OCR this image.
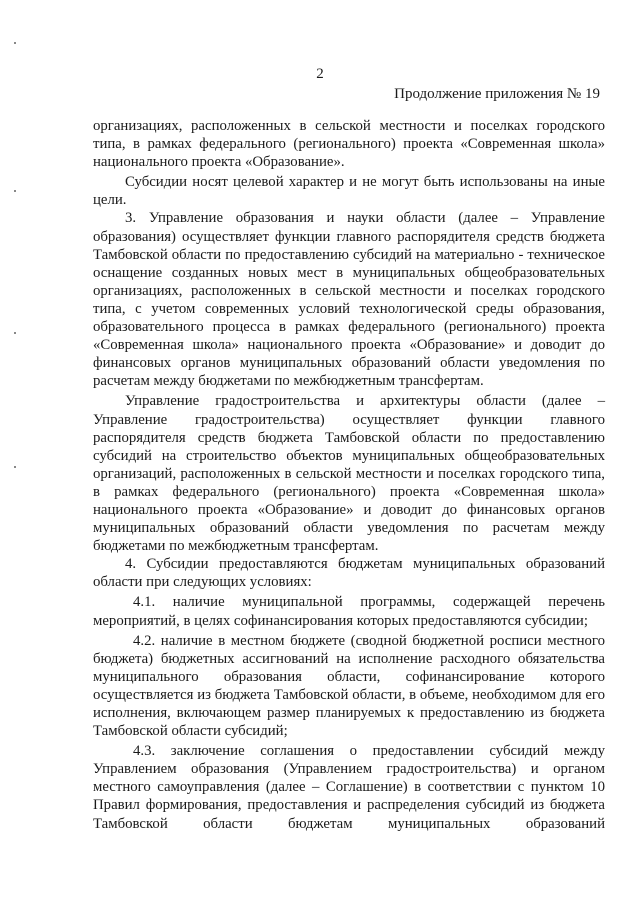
2
Продолжение приложения № 19

организациях, расположенных в сельской местности и поселках городского типа, в рамках федерального (регионального) проекта «Современная школа» национального проекта «Образование».

Субсидии носят целевой характер и не могут быть использованы на иные цели.

3. Управление образования и науки области (далее – Управление образования) осуществляет функции главного распорядителя средств бюджета Тамбовской области по предоставлению субсидий на материально - техническое оснащение созданных новых мест в муниципальных общеобразовательных организациях, расположенных в сельской местности и поселках городского типа, с учетом современных условий технологической среды образования, образовательного процесса в рамках федерального (регионального) проекта «Современная школа» национального проекта «Образование» и доводит до финансовых органов муниципальных образований области уведомления по расчетам между бюджетами по межбюджетным трансфертам.

Управление градостроительства и архитектуры области (далее – Управление градостроительства) осуществляет функции главного распорядителя средств бюджета Тамбовской области по предоставлению субсидий на строительство объектов муниципальных общеобразовательных организаций, расположенных в сельской местности и поселках городского типа, в рамках федерального (регионального) проекта «Современная школа» национального проекта «Образование» и доводит до финансовых органов муниципальных образований области уведомления по расчетам между бюджетами по межбюджетным трансфертам.

4. Субсидии предоставляются бюджетам муниципальных образований области при следующих условиях:

4.1. наличие муниципальной программы, содержащей перечень мероприятий, в целях софинансирования которых предоставляются субсидии;

4.2. наличие в местном бюджете (сводной бюджетной росписи местного бюджета) бюджетных ассигнований на исполнение расходного обязательства муниципального образования области, софинансирование которого осуществляется из бюджета Тамбовской области, в объеме, необходимом для его исполнения, включающем размер планируемых к предоставлению из бюджета Тамбовской области субсидий;

4.3. заключение соглашения о предоставлении субсидий между Управлением образования (Управлением градостроительства) и органом местного самоуправления (далее – Соглашение) в соответствии с пунктом 10 Правил формирования, предоставления и распределения субсидий из бюджета Тамбовской области бюджетам муниципальных образований
